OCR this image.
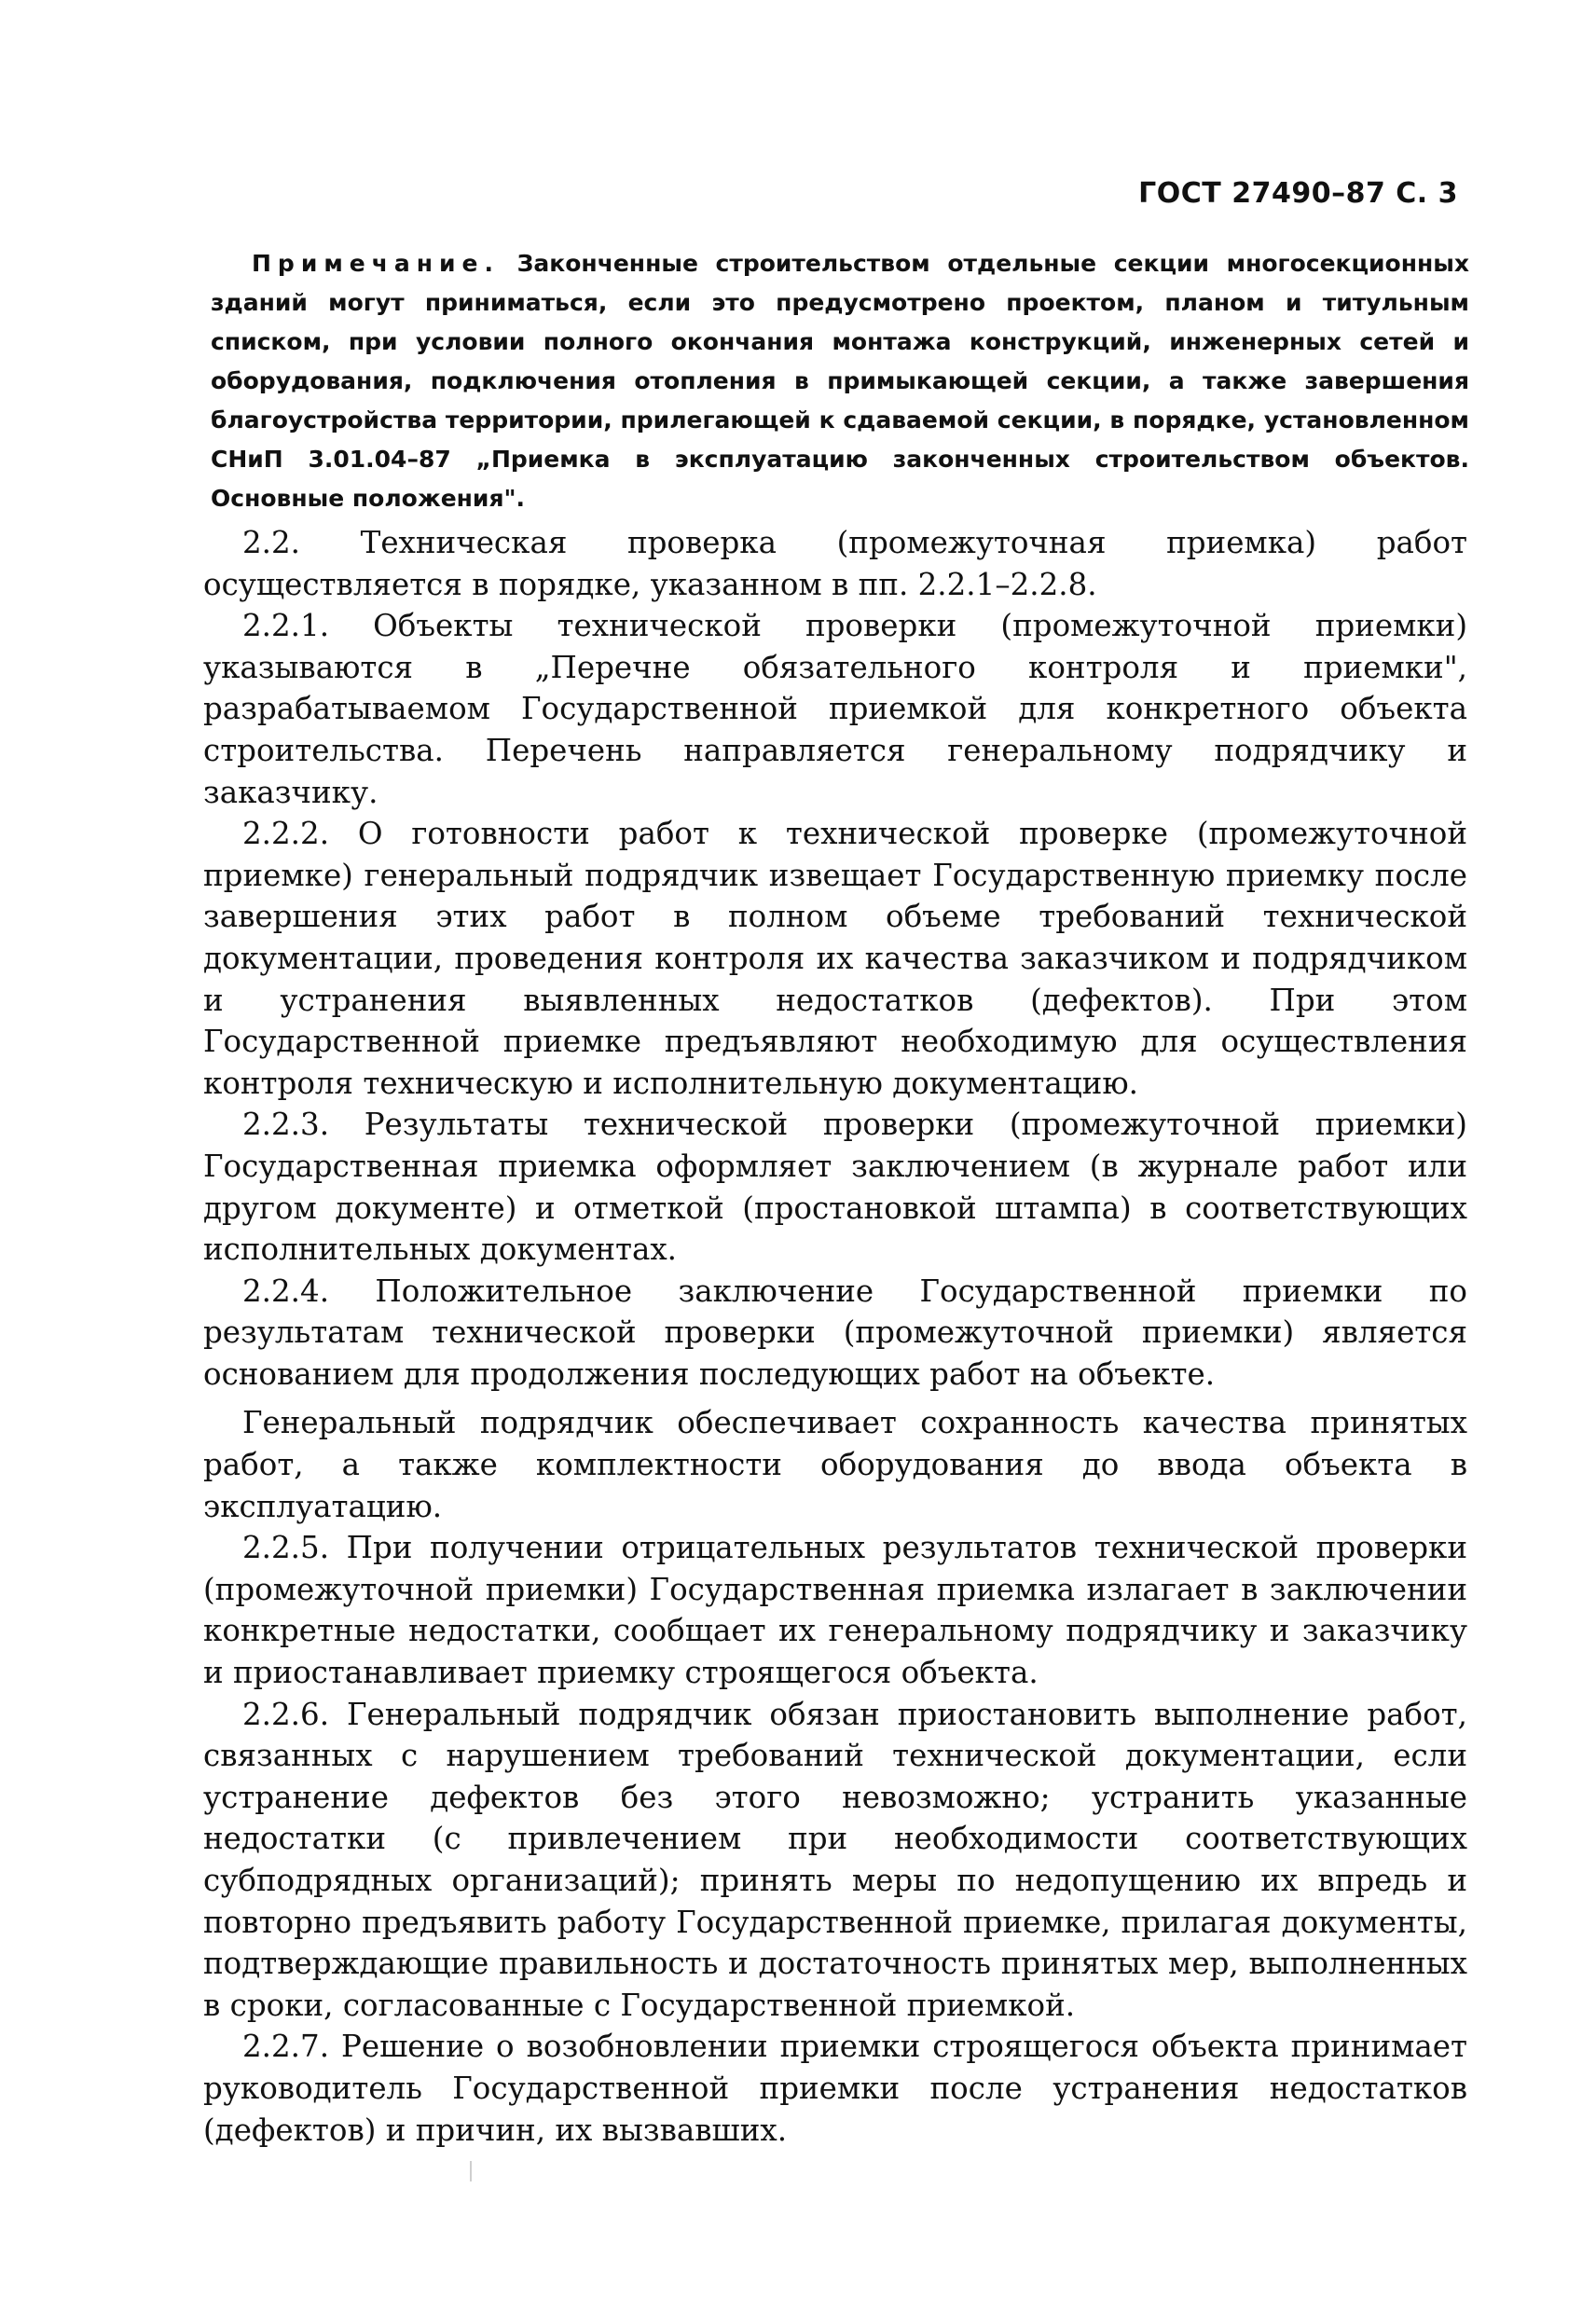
ГОСТ 27490–87 С. 3
Примечание. Законченные строительством отдельные секции многосекционных зданий могут приниматься, если это предусмотрено проектом, планом и титульным списком, при условии полного окончания монтажа конструкций, инженерных сетей и оборудования, подключения отопления в примыкающей секции, а также завершения благоустройства территории, прилегающей к сдаваемой секции, в порядке, установленном СНиП 3.01.04–87 „Приемка в эксплуатацию законченных строительством объектов. Основные положения".

2.2. Техническая проверка (промежуточная приемка) работ осуществляется в порядке, указанном в пп. 2.2.1–2.2.8.

2.2.1. Объекты технической проверки (промежуточной приемки) указываются в „Перечне обязательного контроля и приемки", разрабатываемом Государственной приемкой для конкретного объекта строительства. Перечень направляется генеральному подрядчику и заказчику.

2.2.2. О готовности работ к технической проверке (промежуточной приемке) генеральный подрядчик извещает Государственную приемку после завершения этих работ в полном объеме требований технической документации, проведения контроля их качества заказчиком и подрядчиком и устранения выявленных недостатков (дефектов). При этом Государственной приемке предъявляют необходимую для осуществления контроля техническую и исполнительную документацию.

2.2.3. Результаты технической проверки (промежуточной приемки) Государственная приемка оформляет заключением (в журнале работ или другом документе) и отметкой (простановкой штампа) в соответствующих исполнительных документах.

2.2.4. Положительное заключение Государственной приемки по результатам технической проверки (промежуточной приемки) является основанием для продолжения последующих работ на объекте.

Генеральный подрядчик обеспечивает сохранность качества принятых работ, а также комплектности оборудования до ввода объекта в эксплуатацию.

2.2.5. При получении отрицательных результатов технической проверки (промежуточной приемки) Государственная приемка излагает в заключении конкретные недостатки, сообщает их генеральному подрядчику и заказчику и приостанавливает приемку строящегося объекта.

2.2.6. Генеральный подрядчик обязан приостановить выполнение работ, связанных с нарушением требований технической документации, если устранение дефектов без этого невозможно; устранить указанные недостатки (с привлечением при необходимости соответствующих субподрядных организаций); принять меры по недопущению их впредь и повторно предъявить работу Государственной приемке, прилагая документы, подтверждающие правильность и достаточность принятых мер, выполненных в сроки, согласованные с Государственной приемкой.

2.2.7. Решение о возобновлении приемки строящегося объекта принимает руководитель Государственной приемки после устранения недостатков (дефектов) и причин, их вызвавших.
